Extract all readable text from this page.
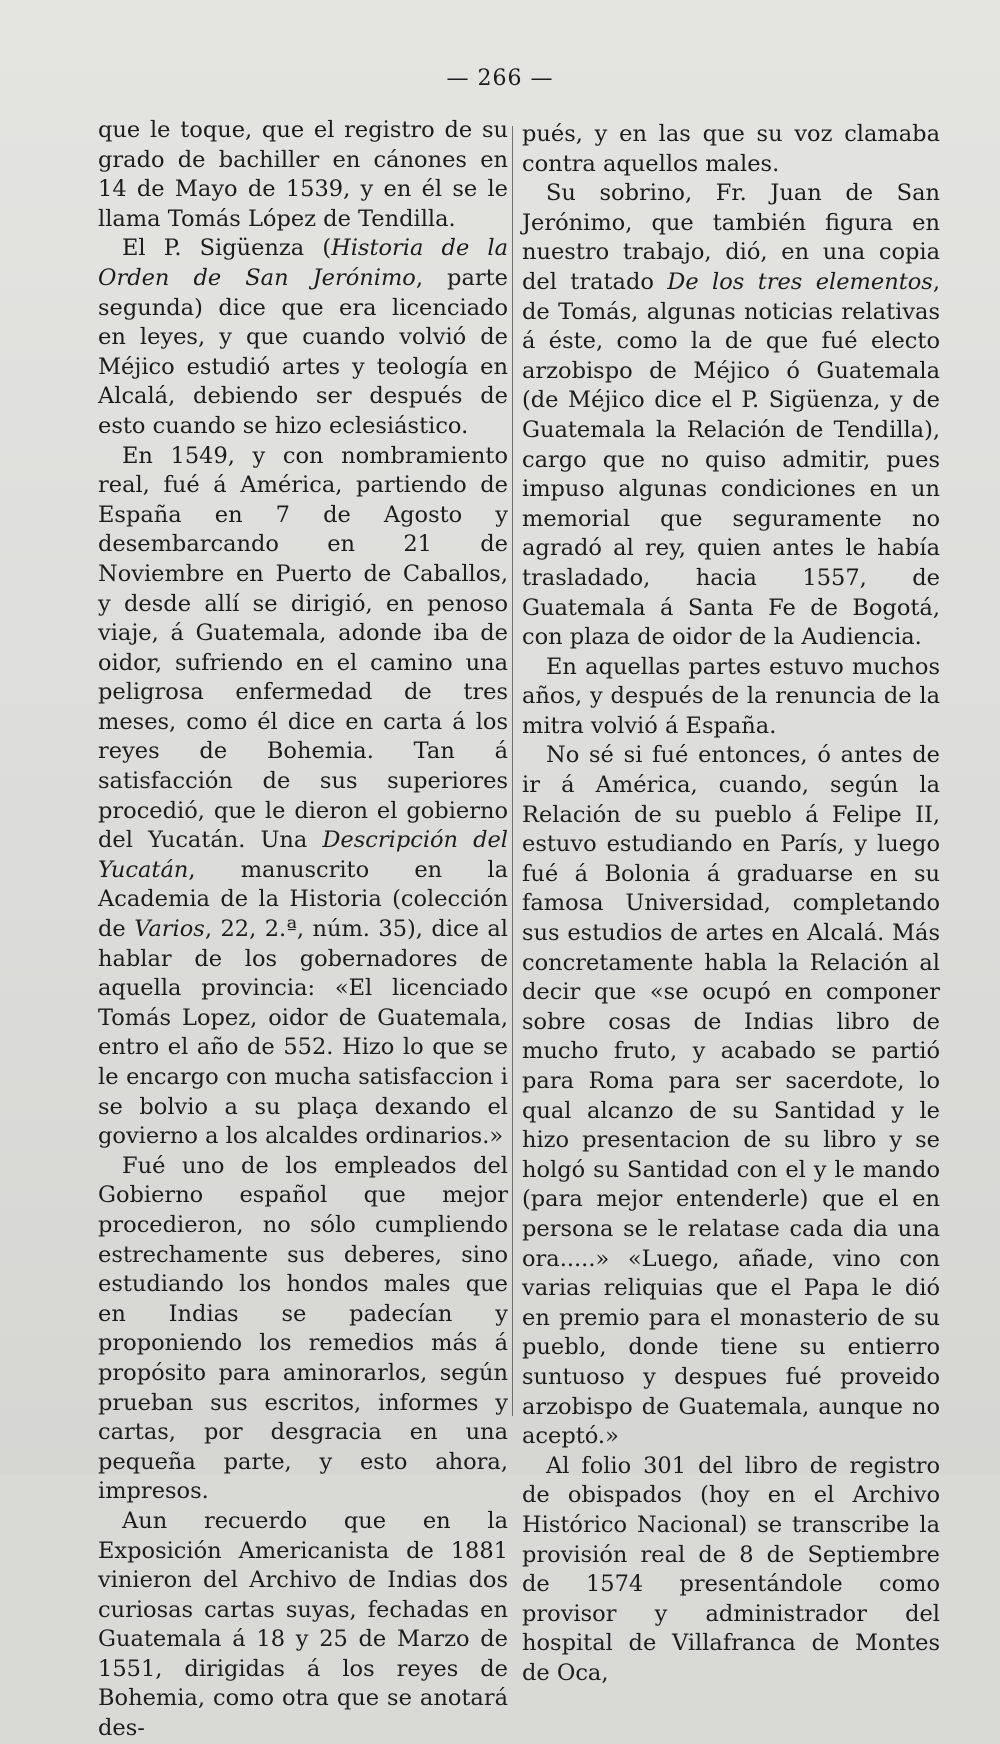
— 266 —

que le toque, que el registro de su grado de bachiller en cánones en 14 de Mayo de 1539, y en él se le llama Tomás López de Tendilla.

El P. Sigüenza (Historia de la Orden de San Jerónimo, parte segunda) dice que era licenciado en leyes, y que cuando volvió de Méjico estudió artes y teología en Alcalá, debiendo ser después de esto cuando se hizo eclesiástico.

En 1549, y con nombramiento real, fué á América, partiendo de España en 7 de Agosto y desembarcando en 21 de Noviembre en Puerto de Caballos, y desde allí se dirigió, en penoso viaje, á Guatemala, adonde iba de oidor, sufriendo en el camino una peligrosa enfermedad de tres meses, como él dice en carta á los reyes de Bohemia. Tan á satisfacción de sus superiores procedió, que le dieron el gobierno del Yucatán. Una Descripción del Yucatán, manuscrito en la Academia de la Historia (colección de Varios, 22, 2.ª, núm. 35), dice al hablar de los gobernadores de aquella provincia: «El licenciado Tomás Lopez, oidor de Guatemala, entro el año de 552. Hizo lo que se le encargo con mucha satisfaccion i se bolvio a su plaça dexando el govierno a los alcaldes ordinarios.»

Fué uno de los empleados del Gobierno español que mejor procedieron, no sólo cumpliendo estrechamente sus deberes, sino estudiando los hondos males que en Indias se padecían y proponiendo los remedios más á propósito para aminorarlos, según prueban sus escritos, informes y cartas, por desgracia en una pequeña parte, y esto ahora, impresos.

Aun recuerdo que en la Exposición Americanista de 1881 vinieron del Archivo de Indias dos curiosas cartas suyas, fechadas en Guatemala á 18 y 25 de Marzo de 1551, dirigidas á los reyes de Bohemia, como otra que se anotará des-

pués, y en las que su voz clamaba contra aquellos males.

Su sobrino, Fr. Juan de San Jerónimo, que también figura en nuestro trabajo, dió, en una copia del tratado De los tres elementos, de Tomás, algunas noticias relativas á éste, como la de que fué electo arzobispo de Méjico ó Guatemala (de Méjico dice el P. Sigüenza, y de Guatemala la Relación de Tendilla), cargo que no quiso admitir, pues impuso algunas condiciones en un memorial que seguramente no agradó al rey, quien antes le había trasladado, hacia 1557, de Guatemala á Santa Fe de Bogotá, con plaza de oidor de la Audiencia.

En aquellas partes estuvo muchos años, y después de la renuncia de la mitra volvió á España.

No sé si fué entonces, ó antes de ir á América, cuando, según la Relación de su pueblo á Felipe II, estuvo estudiando en París, y luego fué á Bolonia á graduarse en su famosa Universidad, completando sus estudios de artes en Alcalá. Más concretamente habla la Relación al decir que «se ocupó en componer sobre cosas de Indias libro de mucho fruto, y acabado se partió para Roma para ser sacerdote, lo qual alcanzo de su Santidad y le hizo presentacion de su libro y se holgó su Santidad con el y le mando (para mejor entenderle) que el en persona se le relatase cada dia una ora.....» «Luego, añade, vino con varias reliquias que el Papa le dió en premio para el monasterio de su pueblo, donde tiene su entierro suntuoso y despues fué proveido arzobispo de Guatemala, aunque no aceptó.»

Al folio 301 del libro de registro de obispados (hoy en el Archivo Histórico Nacional) se transcribe la provisión real de 8 de Septiembre de 1574 presentándole como provisor y administrador del hospital de Villafranca de Montes de Oca,
